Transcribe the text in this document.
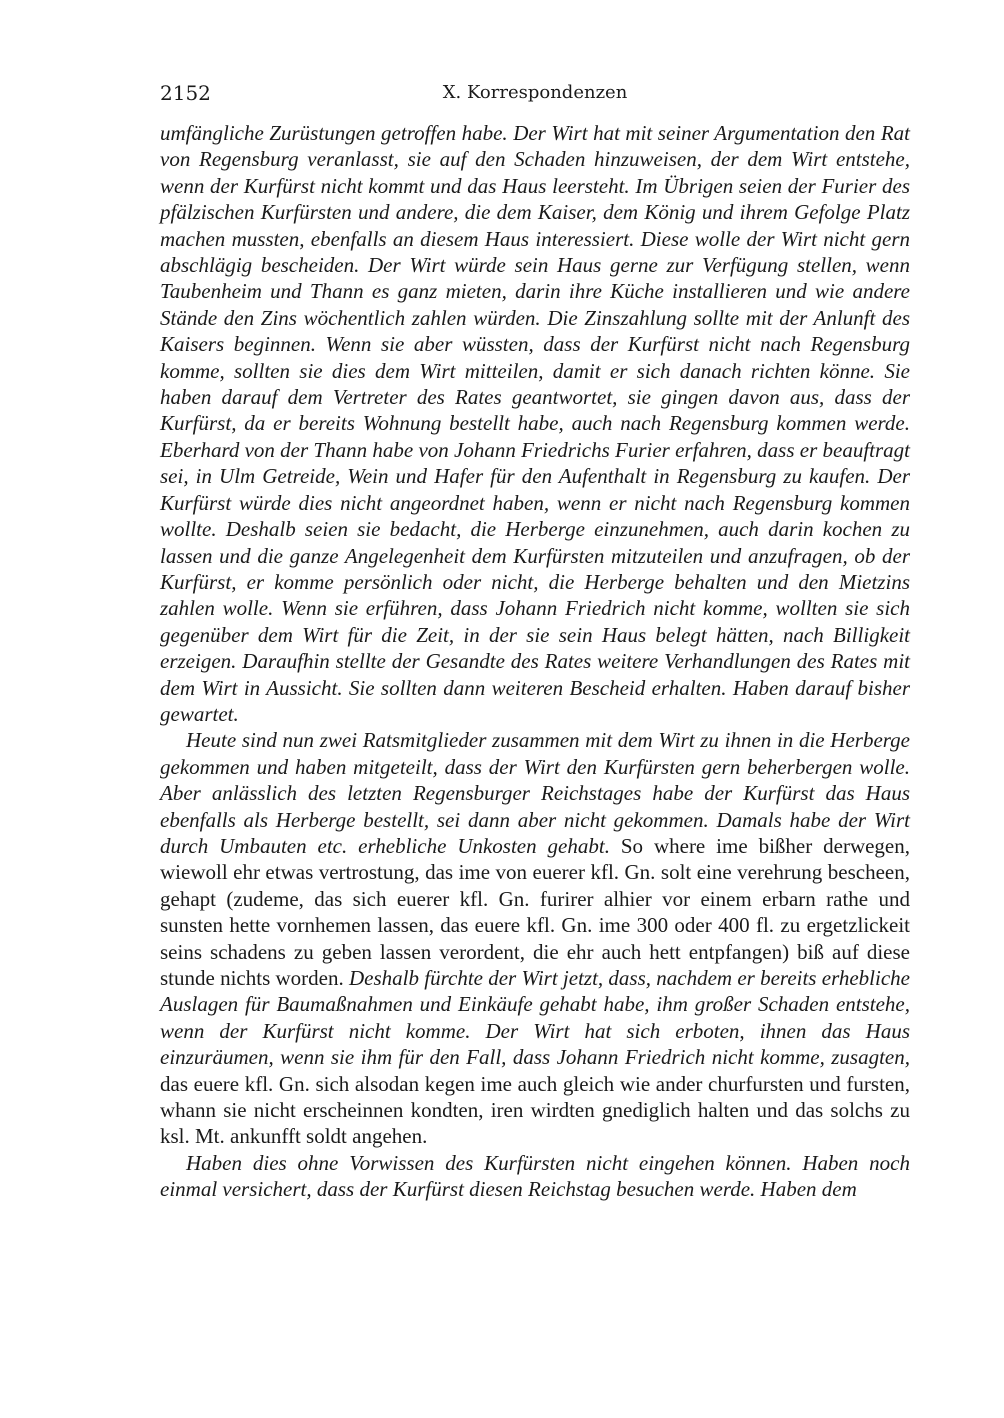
2152	X. Korrespondenzen

umfängliche Zurüstungen getroffen habe. Der Wirt hat mit seiner Argumentation den Rat von Regensburg veranlasst, sie auf den Schaden hinzuweisen, der dem Wirt entstehe, wenn der Kurfürst nicht kommt und das Haus leersteht. Im Übrigen seien der Furier des pfälzischen Kurfürsten und andere, die dem Kaiser, dem König und ihrem Gefolge Platz machen mussten, ebenfalls an diesem Haus interessiert. Diese wolle der Wirt nicht gern abschlägig bescheiden. Der Wirt würde sein Haus gerne zur Verfügung stellen, wenn Taubenheim und Thann es ganz mieten, darin ihre Küche installieren und wie andere Stände den Zins wöchentlich zahlen würden. Die Zinszahlung sollte mit der Anlunft des Kaisers beginnen. Wenn sie aber wüssten, dass der Kurfürst nicht nach Regensburg komme, sollten sie dies dem Wirt mitteilen, damit er sich danach richten könne. Sie haben darauf dem Vertreter des Rates geantwortet, sie gingen davon aus, dass der Kurfürst, da er bereits Wohnung bestellt habe, auch nach Regensburg kommen werde. Eberhard von der Thann habe von Johann Friedrichs Furier erfahren, dass er beauftragt sei, in Ulm Getreide, Wein und Hafer für den Aufenthalt in Regensburg zu kaufen. Der Kurfürst würde dies nicht angeordnet haben, wenn er nicht nach Regensburg kommen wollte. Deshalb seien sie bedacht, die Herberge einzunehmen, auch darin kochen zu lassen und die ganze Angelegenheit dem Kurfürsten mitzuteilen und anzufragen, ob der Kurfürst, er komme persönlich oder nicht, die Herberge behalten und den Mietzins zahlen wolle. Wenn sie erführen, dass Johann Friedrich nicht komme, wollten sie sich gegenüber dem Wirt für die Zeit, in der sie sein Haus belegt hätten, nach Billigkeit erzeigen. Daraufhin stellte der Gesandte des Rates weitere Verhandlungen des Rates mit dem Wirt in Aussicht. Sie sollten dann weiteren Bescheid erhalten. Haben darauf bisher gewartet.

Heute sind nun zwei Ratsmitglieder zusammen mit dem Wirt zu ihnen in die Herberge gekommen und haben mitgeteilt, dass der Wirt den Kurfürsten gern beherbergen wolle. Aber anlässlich des letzten Regensburger Reichstages habe der Kurfürst das Haus ebenfalls als Herberge bestellt, sei dann aber nicht gekommen. Damals habe der Wirt durch Umbauten etc. erhebliche Unkosten gehabt. So where ime bißher derwegen, wiewoll ehr etwas vertrostung, das ime von euerer kfl. Gn. solt eine verehrung bescheen, gehapt (zudeme, das sich euerer kfl. Gn. furirer alhier vor einem erbarn rathe und sunsten hette vornhemen lassen, das euere kfl. Gn. ime 300 oder 400 fl. zu ergetzlickeit seins schadens zu geben lassen verordent, die ehr auch hett entpfangen) biß auf diese stunde nichts worden. Deshalb fürchte der Wirt jetzt, dass, nachdem er bereits erhebliche Auslagen für Baumaßnahmen und Einkäufe gehabt habe, ihm großer Schaden entstehe, wenn der Kurfürst nicht komme. Der Wirt hat sich erboten, ihnen das Haus einzuräumen, wenn sie ihm für den Fall, dass Johann Friedrich nicht komme, zusagten, das euere kfl. Gn. sich alsodan kegen ime auch gleich wie ander churfursten und fursten, whann sie nicht erscheinnen kondten, iren wirdten gnediglich halten und das solchs zu ksl. Mt. ankunfft soldt angehen.

Haben dies ohne Vorwissen des Kurfürsten nicht eingehen können. Haben noch einmal versichert, dass der Kurfürst diesen Reichstag besuchen werde. Haben dem
